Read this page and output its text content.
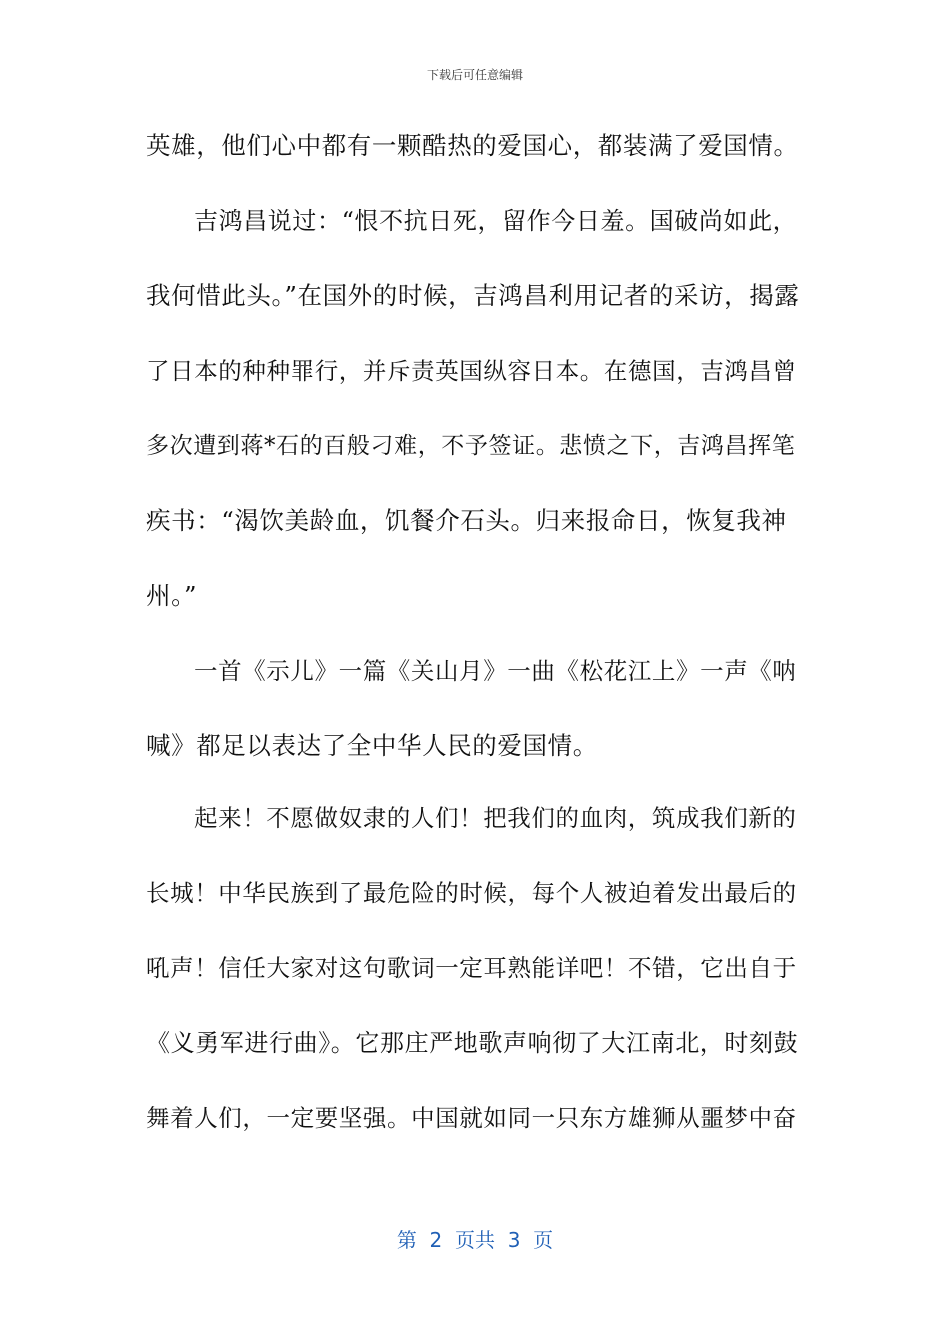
下载后可任意编辑
英雄，他们心中都有一颗酷热的爱国心，都装满了爱国情。
吉鸿昌说过：“恨不抗日死，留作今日羞。国破尚如此，
我何惜此头。”在国外的时候，吉鸿昌利用记者的采访，揭露
了日本的种种罪行，并斥责英国纵容日本。在德国，吉鸿昌曾
多次遭到蒋*石的百般刁难，不予签证。悲愤之下，吉鸿昌挥笔
疾书：“渴饮美龄血，饥餐介石头。归来报命日，恢复我神
州。”
一首《示儿》一篇《关山月》一曲《松花江上》一声《呐
喊》都足以表达了全中华人民的爱国情。
起来！不愿做奴隶的人们！把我们的血肉，筑成我们新的
长城！中华民族到了最危险的时候，每个人被迫着发出最后的
吼声！信任大家对这句歌词一定耳熟能详吧！不错，它出自于
《义勇军进行曲》。它那庄严地歌声响彻了大江南北，时刻鼓
舞着人们，一定要坚强。中国就如同一只东方雄狮从噩梦中奋
第  2  页共  3  页
